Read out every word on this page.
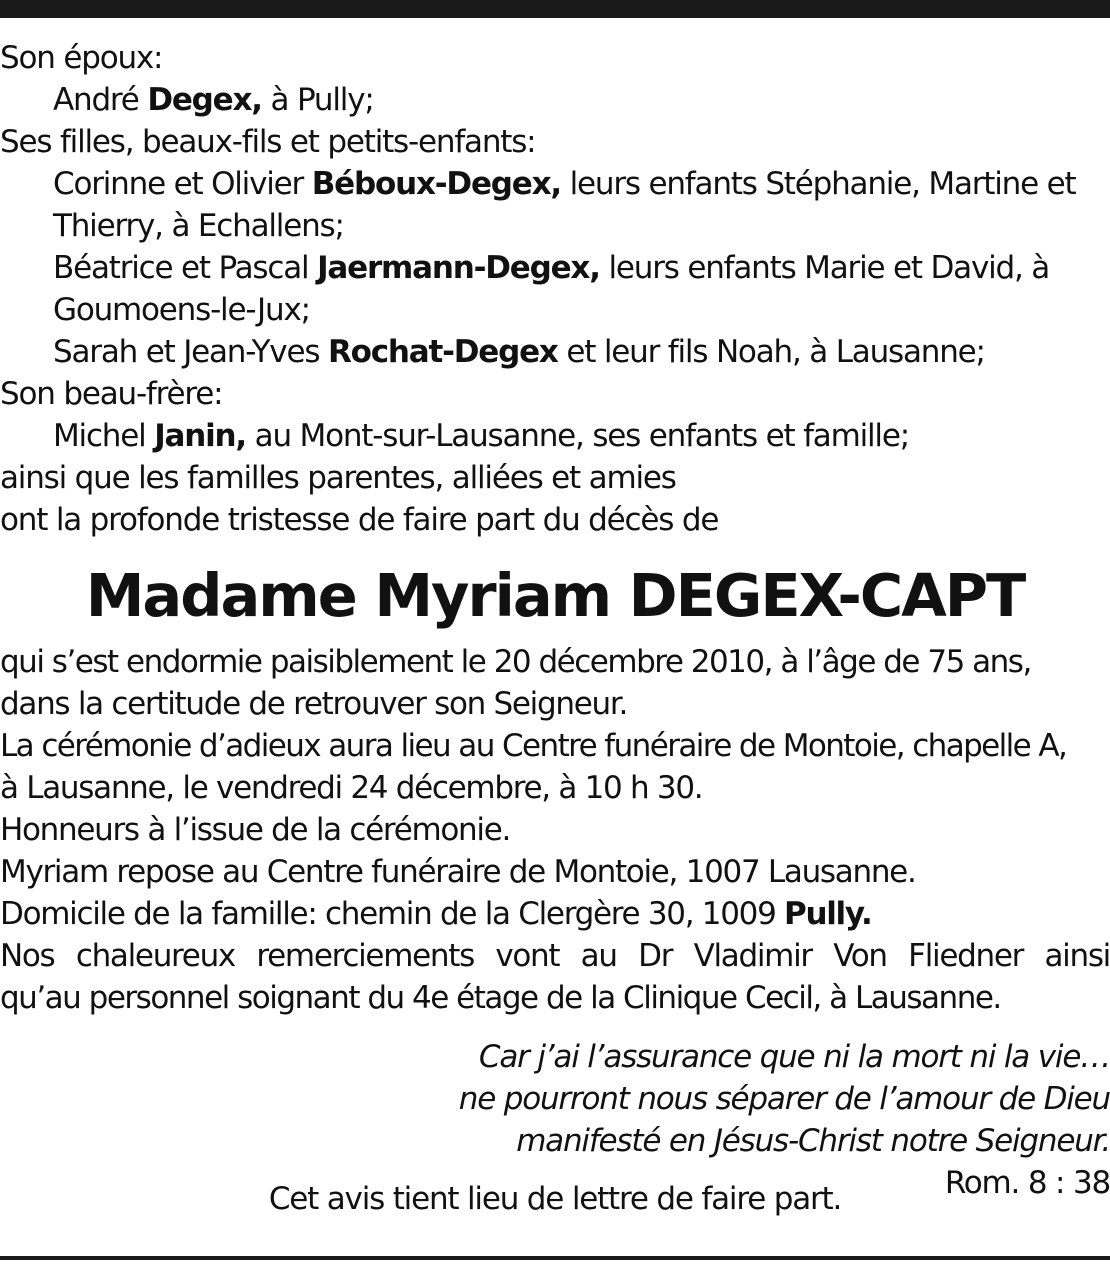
Son époux:

André Degex, à Pully;

Ses filles, beaux-fils et petits-enfants:

Corinne et Olivier Béboux-Degex, leurs enfants Stéphanie, Martine et Thierry, à Echallens;

Béatrice et Pascal Jaermann-Degex, leurs enfants Marie et David, à Goumoens-le-Jux;

Sarah et Jean-Yves Rochat-Degex et leur fils Noah, à Lausanne;

Son beau-frère:

Michel Janin, au Mont-sur-Lausanne, ses enfants et famille;

ainsi que les familles parentes, alliées et amies

ont la profonde tristesse de faire part du décès de

Madame Myriam DEGEX-CAPT

qui s’est endormie paisiblement le 20 décembre 2010, à l’âge de 75 ans,

dans la certitude de retrouver son Seigneur.

La cérémonie d’adieux aura lieu au Centre funéraire de Montoie, chapelle A,

à Lausanne, le vendredi 24 décembre, à 10 h 30.

Honneurs à l’issue de la cérémonie.

Myriam repose au Centre funéraire de Montoie, 1007 Lausanne.

Domicile de la famille: chemin de la Clergère 30, 1009 Pully.

Nos chaleureux remerciements vont au Dr Vladimir Von Fliedner ainsi

qu’au personnel soignant du 4e étage de la Clinique Cecil, à Lausanne.

Car j’ai l’assurance que ni la mort ni la vie…

ne pourront nous séparer de l’amour de Dieu

manifesté en Jésus-Christ notre Seigneur.

Rom. 8 : 38

Cet avis tient lieu de lettre de faire part.
